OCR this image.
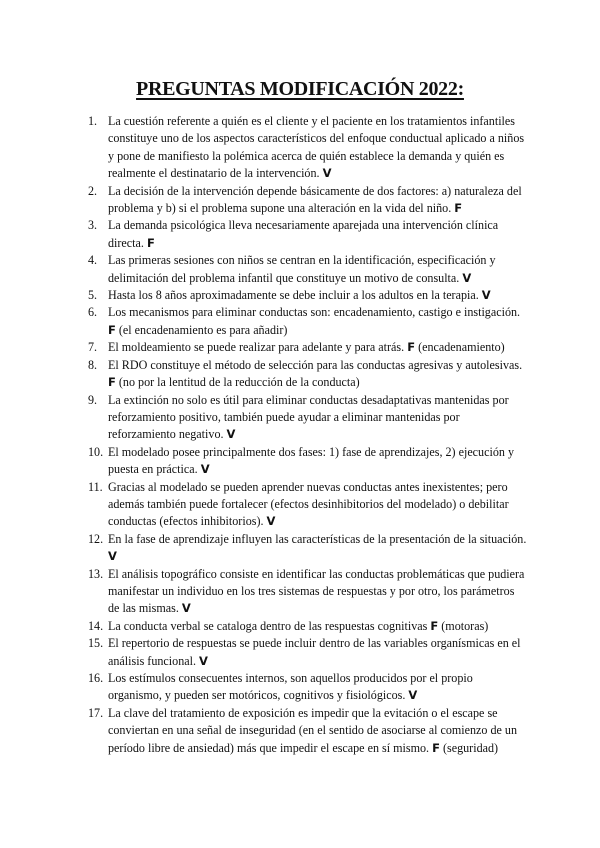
PREGUNTAS MODIFICACIÓN 2022:
1. La cuestión referente a quién es el cliente y el paciente en los tratamientos infantiles constituye uno de los aspectos característicos del enfoque conductual aplicado a niños y pone de manifiesto la polémica acerca de quién establece la demanda y quién es realmente el destinatario de la intervención. V
2. La decisión de la intervención depende básicamente de dos factores: a) naturaleza del problema y b) si el problema supone una alteración en la vida del niño. F
3. La demanda psicológica lleva necesariamente aparejada una intervención clínica directa. F
4. Las primeras sesiones con niños se centran en la identificación, especificación y delimitación del problema infantil que constituye un motivo de consulta. V
5. Hasta los 8 años aproximadamente se debe incluir a los adultos en la terapia. V
6. Los mecanismos para eliminar conductas son: encadenamiento, castigo e instigación. F (el encadenamiento es para añadir)
7. El moldeamiento se puede realizar para adelante y para atrás. F (encadenamiento)
8. El RDO constituye el método de selección para las conductas agresivas y autolesivas. F (no por la lentitud de la reducción de la conducta)
9. La extinción no solo es útil para eliminar conductas desadaptativas mantenidas por reforzamiento positivo, también puede ayudar a eliminar mantenidas por reforzamiento negativo. V
10. El modelado posee principalmente dos fases: 1) fase de aprendizajes, 2) ejecución y puesta en práctica. V
11. Gracias al modelado se pueden aprender nuevas conductas antes inexistentes; pero además también puede fortalecer (efectos desinhibitorios del modelado) o debilitar conductas (efectos inhibitorios). V
12. En la fase de aprendizaje influyen las características de la presentación de la situación. V
13. El análisis topográfico consiste en identificar las conductas problemáticas que pudiera manifestar un individuo en los tres sistemas de respuestas y por otro, los parámetros de las mismas. V
14. La conducta verbal se cataloga dentro de las respuestas cognitivas F (motoras)
15. El repertorio de respuestas se puede incluir dentro de las variables organísmicas en el análisis funcional. V
16. Los estímulos consecuentes internos, son aquellos producidos por el propio organismo, y pueden ser motóricos, cognitivos y fisiológicos. V
17. La clave del tratamiento de exposición es impedir que la evitación o el escape se conviertan en una señal de inseguridad (en el sentido de asociarse al comienzo de un período libre de ansiedad) más que impedir el escape en sí mismo. F (seguridad)
